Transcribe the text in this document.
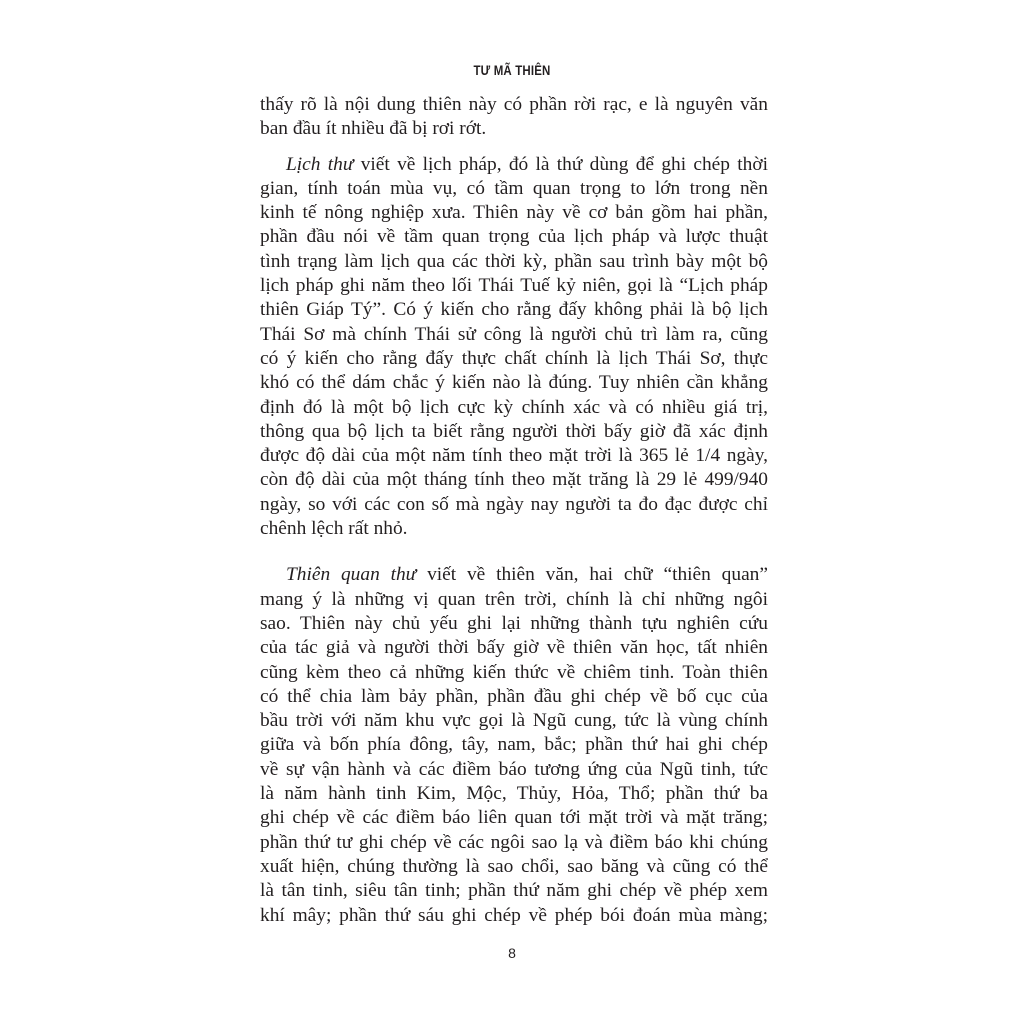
TƯ MÃ THIÊN
thấy rõ là nội dung thiên này có phần rời rạc, e là nguyên văn
ban đầu ít nhiều đã bị rơi rớt.
Lịch thư viết về lịch pháp, đó là thứ dùng để ghi chép thời
gian, tính toán mùa vụ, có tầm quan trọng to lớn trong nền
kinh tế nông nghiệp xưa. Thiên này về cơ bản gồm hai phần,
phần đầu nói về tầm quan trọng của lịch pháp và lược thuật
tình trạng làm lịch qua các thời kỳ, phần sau trình bày một bộ
lịch pháp ghi năm theo lối Thái Tuế kỷ niên, gọi là “Lịch pháp
thiên Giáp Tý”. Có ý kiến cho rằng đấy không phải là bộ lịch
Thái Sơ mà chính Thái sử công là người chủ trì làm ra, cũng
có ý kiến cho rằng đấy thực chất chính là lịch Thái Sơ, thực
khó có thể dám chắc ý kiến nào là đúng. Tuy nhiên cần khẳng
định đó là một bộ lịch cực kỳ chính xác và có nhiều giá trị,
thông qua bộ lịch ta biết rằng người thời bấy giờ đã xác định
được độ dài của một năm tính theo mặt trời là 365 lẻ 1/4 ngày,
còn độ dài của một tháng tính theo mặt trăng là 29 lẻ 499/940
ngày, so với các con số mà ngày nay người ta đo đạc được chỉ
chênh lệch rất nhỏ.
Thiên quan thư viết về thiên văn, hai chữ “thiên quan”
mang ý là những vị quan trên trời, chính là chỉ những ngôi
sao. Thiên này chủ yếu ghi lại những thành tựu nghiên cứu
của tác giả và người thời bấy giờ về thiên văn học, tất nhiên
cũng kèm theo cả những kiến thức về chiêm tinh. Toàn thiên
có thể chia làm bảy phần, phần đầu ghi chép về bố cục của
bầu trời với năm khu vực gọi là Ngũ cung, tức là vùng chính
giữa và bốn phía đông, tây, nam, bắc; phần thứ hai ghi chép
về sự vận hành và các điềm báo tương ứng của Ngũ tinh, tức
là năm hành tinh Kim, Mộc, Thủy, Hỏa, Thổ; phần thứ ba
ghi chép về các điềm báo liên quan tới mặt trời và mặt trăng;
phần thứ tư ghi chép về các ngôi sao lạ và điềm báo khi chúng
xuất hiện, chúng thường là sao chổi, sao băng và cũng có thể
là tân tinh, siêu tân tinh; phần thứ năm ghi chép về phép xem
khí mây; phần thứ sáu ghi chép về phép bói đoán mùa màng;
8
